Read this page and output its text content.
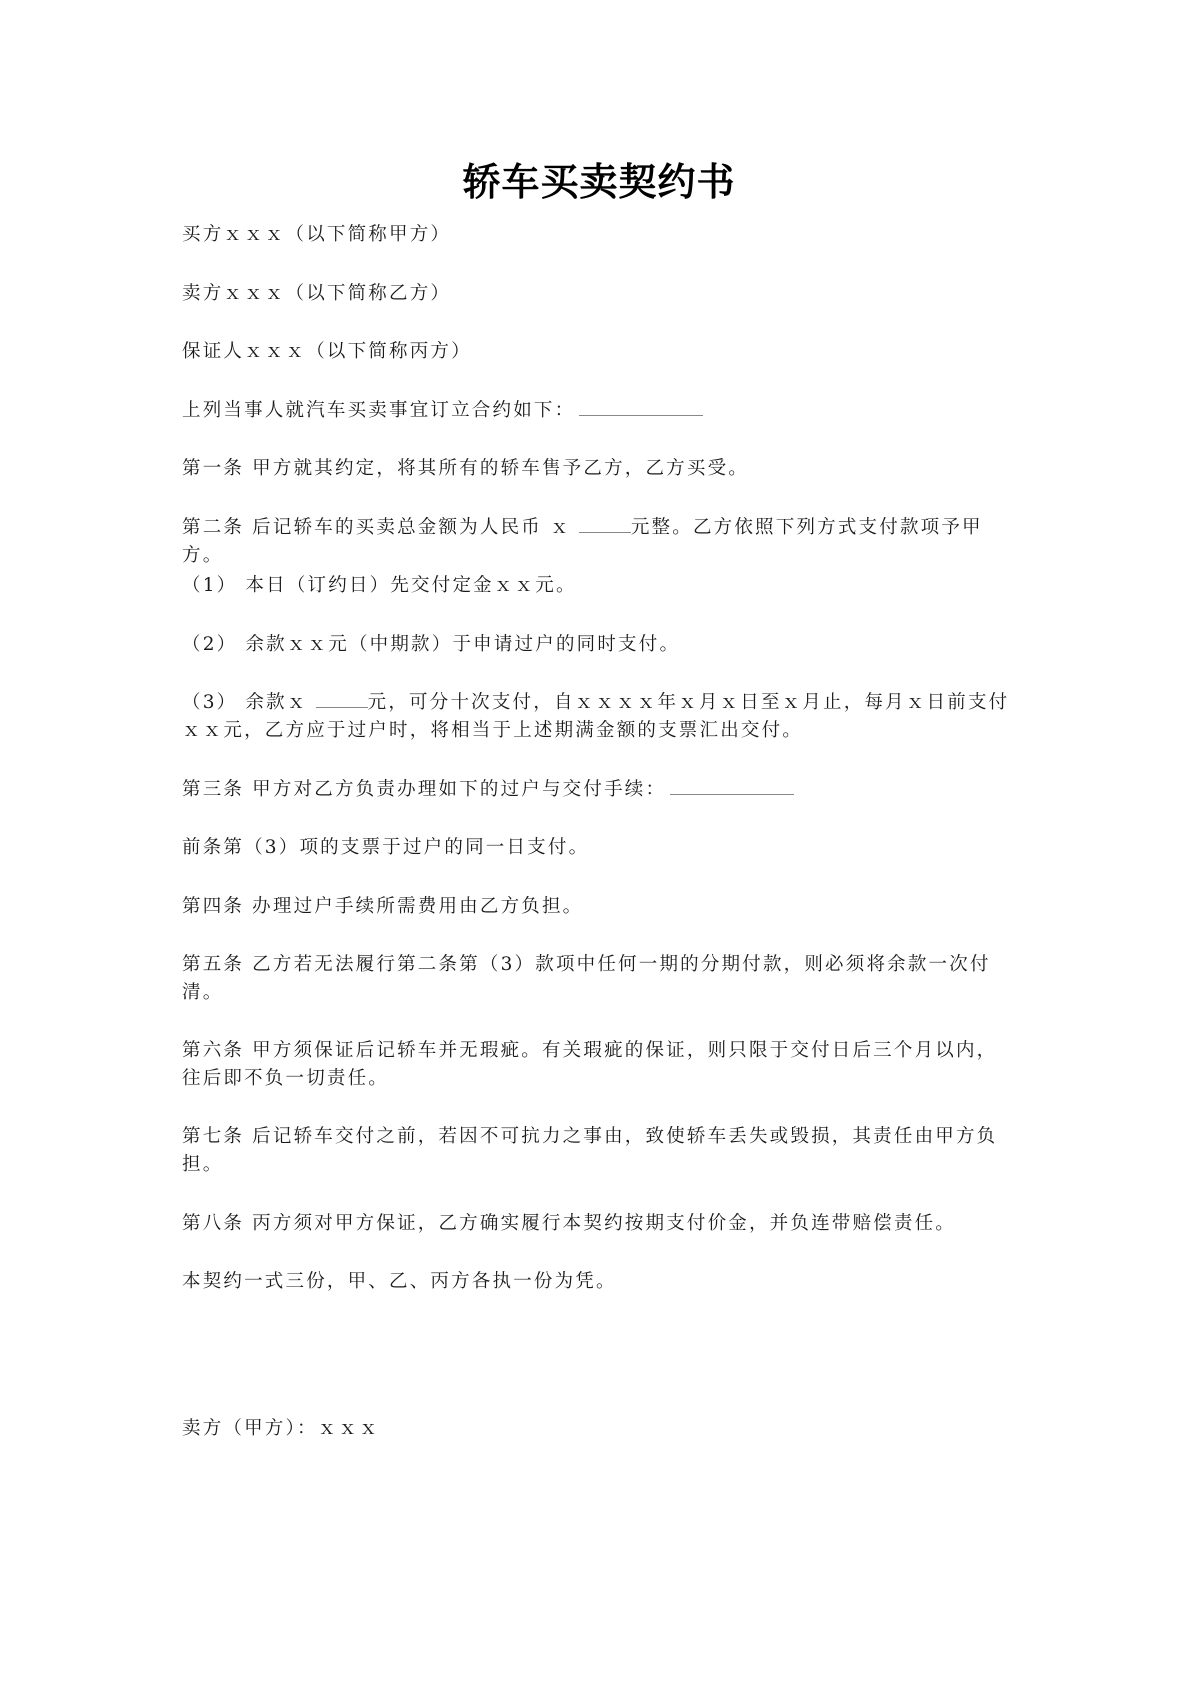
轿车买卖契约书

买方ｘｘｘ（以下简称甲方）

卖方ｘｘｘ（以下简称乙方）

保证人ｘｘｘ（以下简称丙方）

上列当事人就汽车买卖事宜订立合约如下：

第一条 甲方就其约定，将其所有的轿车售予乙方，乙方买受。

第二条 后记轿车的买卖总金额为人民币 ｘ	元整。乙方依照下列方式支付款项予甲方。

（1） 本日（订约日）先交付定金ｘｘ元。

（2） 余款ｘｘ元（中期款）于申请过户的同时支付。

（3） 余款ｘ	元，可分十次支付，自ｘｘｘｘ年ｘ月ｘ日至ｘ月止，每月ｘ日前支付ｘｘ元，乙方应于过户时，将相当于上述期满金额的支票汇出交付。

第三条 甲方对乙方负责办理如下的过户与交付手续：

前条第（3）项的支票于过户的同一日支付。

第四条 办理过户手续所需费用由乙方负担。

第五条 乙方若无法履行第二条第（3）款项中任何一期的分期付款，则必须将余款一次付清。

第六条 甲方须保证后记轿车并无瑕疵。有关瑕疵的保证，则只限于交付日后三个月以内，往后即不负一切责任。

第七条 后记轿车交付之前，若因不可抗力之事由，致使轿车丢失或毁损，其责任由甲方负担。

第八条 丙方须对甲方保证，乙方确实履行本契约按期支付价金，并负连带赔偿责任。

本契约一式三份，甲、乙、丙方各执一份为凭。

卖方（甲方）：ｘｘｘ
